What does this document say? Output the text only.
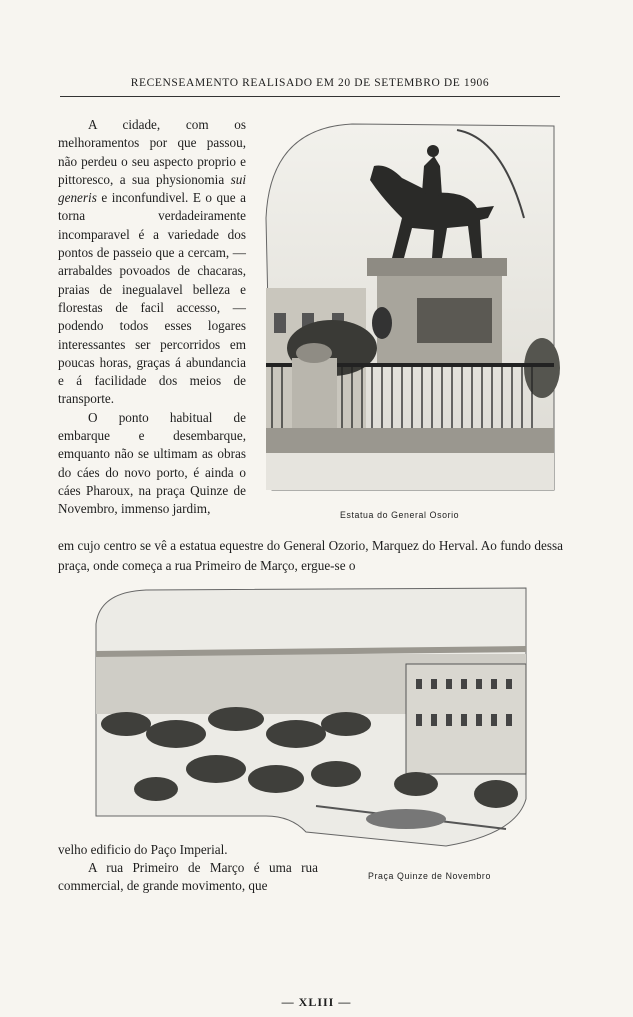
RECENSEAMENTO REALISADO EM 20 DE SETEMBRO DE 1906

A cidade, com os melhoramentos por que passou, não perdeu o seu aspecto proprio e pittoresco, a sua physionomia sui generis e inconfundivel. E o que a torna verdadeiramente incomparavel é a variedade dos pontos de passeio que a cercam, —arrabaldes povoados de chacaras, praias de inegualavel belleza e florestas de facil accesso, — podendo todos esses logares interessantes ser percorridos em poucas horas, graças á abundancia e á facilidade dos meios de transporte.

O ponto habitual de embarque e desembarque, emquanto não se ultimam as obras do cáes do novo porto, é ainda o cáes Pharoux, na praça Quinze de Novembro, immenso jardim,	Estatua do General Osorio

em cujo centro se vê a estatua equestre do General Ozorio, Marquez do Herval. Ao fundo dessa praça, onde começa a rua Primeiro de Março, ergue-se o

Praça Quinze de Novembro

velho edificio do Paço Imperial.

A rua Primeiro de Março é uma rua commercial, de grande movimento, que

— XLIII —
